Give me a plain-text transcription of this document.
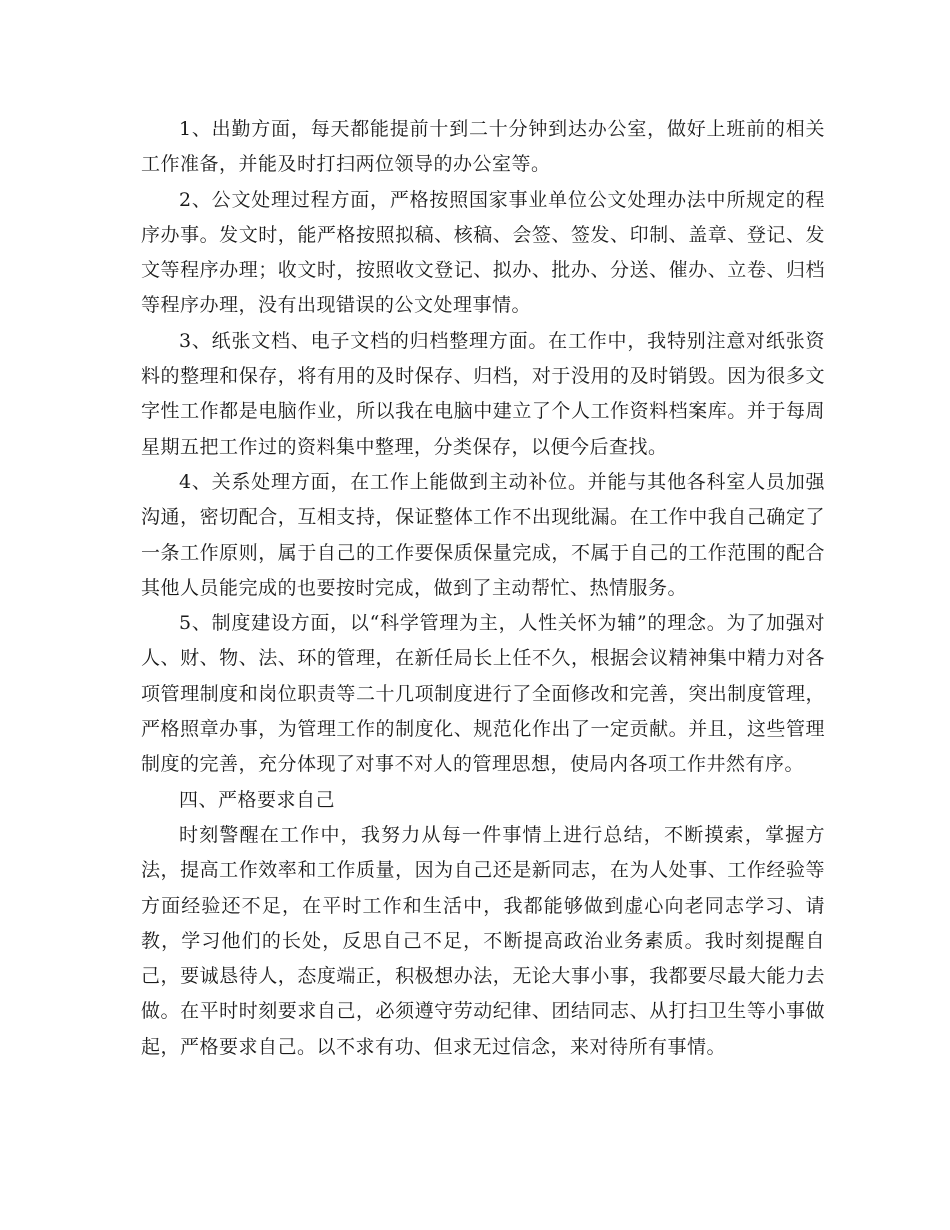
1、出勤方面，每天都能提前十到二十分钟到达办公室，做好上班前的相关工作准备，并能及时打扫两位领导的办公室等。

2、公文处理过程方面，严格按照国家事业单位公文处理办法中所规定的程序办事。发文时，能严格按照拟稿、核稿、会签、签发、印制、盖章、登记、发文等程序办理；收文时，按照收文登记、拟办、批办、分送、催办、立卷、归档等程序办理，没有出现错误的公文处理事情。

3、纸张文档、电子文档的归档整理方面。在工作中，我特别注意对纸张资料的整理和保存，将有用的及时保存、归档，对于没用的及时销毁。因为很多文字性工作都是电脑作业，所以我在电脑中建立了个人工作资料档案库。并于每周星期五把工作过的资料集中整理，分类保存，以便今后查找。

4、关系处理方面，在工作上能做到主动补位。并能与其他各科室人员加强沟通，密切配合，互相支持，保证整体工作不出现纰漏。在工作中我自己确定了一条工作原则，属于自己的工作要保质保量完成，不属于自己的工作范围的配合其他人员能完成的也要按时完成，做到了主动帮忙、热情服务。

5、制度建设方面，以“科学管理为主，人性关怀为辅”的理念。为了加强对人、财、物、法、环的管理，在新任局长上任不久，根据会议精神集中精力对各项管理制度和岗位职责等二十几项制度进行了全面修改和完善，突出制度管理，严格照章办事，为管理工作的制度化、规范化作出了一定贡献。并且，这些管理制度的完善，充分体现了对事不对人的管理思想，使局内各项工作井然有序。

四、严格要求自己

时刻警醒在工作中，我努力从每一件事情上进行总结，不断摸索，掌握方法，提高工作效率和工作质量，因为自己还是新同志，在为人处事、工作经验等方面经验还不足，在平时工作和生活中，我都能够做到虚心向老同志学习、请教，学习他们的长处，反思自己不足，不断提高政治业务素质。我时刻提醒自己，要诚恳待人，态度端正，积极想办法，无论大事小事，我都要尽最大能力去做。在平时时刻要求自己，必须遵守劳动纪律、团结同志、从打扫卫生等小事做起，严格要求自己。以不求有功、但求无过信念，来对待所有事情。
